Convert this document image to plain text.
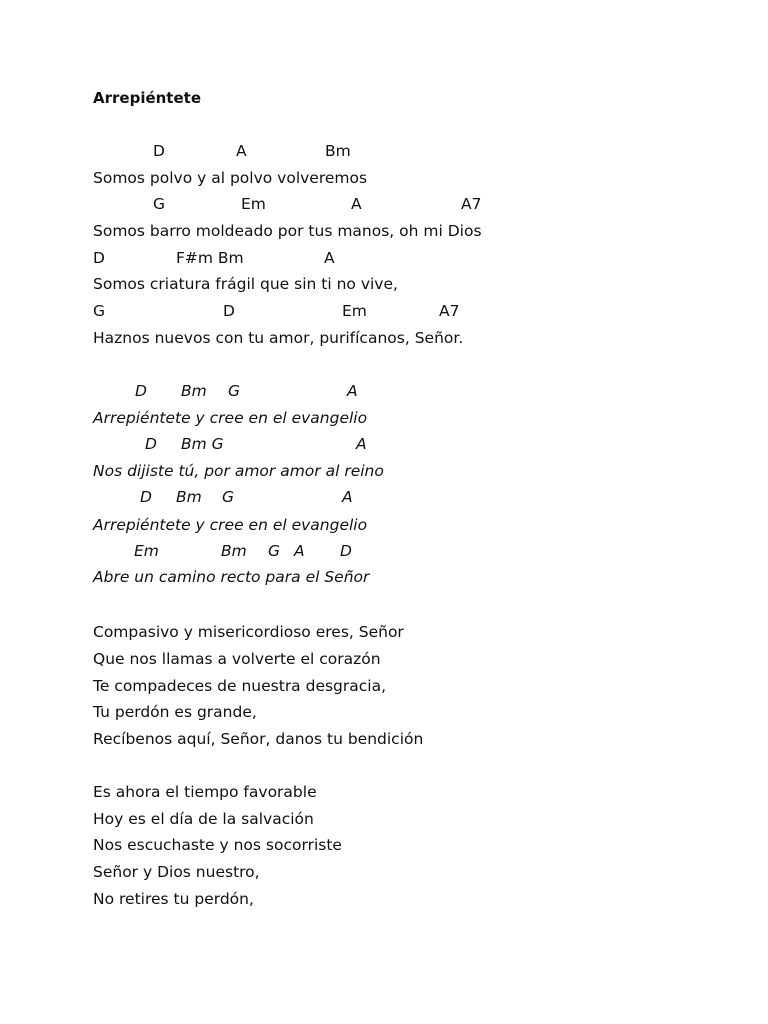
Arrepiéntete
D	A	Bm
Somos polvo y al polvo volveremos
G	Em	A	A7
Somos barro moldeado por tus manos, oh mi Dios
D	F#m Bm	A
Somos criatura frágil que sin ti no vive,
G	D	Em	A7
Haznos nuevos con tu amor, purifícanos, Señor.
D Bm G	A
Arrepiéntete y cree en el evangelio
D Bm G	A
Nos dijiste tú, por amor amor al reino
D Bm G	A
Arrepiéntete y cree en el evangelio
Em	Bm G A D
Abre un camino recto para el Señor
Compasivo y misericordioso eres, Señor
Que nos llamas a volverte el corazón
Te compadeces de nuestra desgracia,
Tu perdón es grande,
Recíbenos aquí, Señor, danos tu bendición
Es ahora el tiempo favorable
Hoy es el día de la salvación
Nos escuchaste y nos socorriste
Señor y Dios nuestro,
No retires tu perdón,
